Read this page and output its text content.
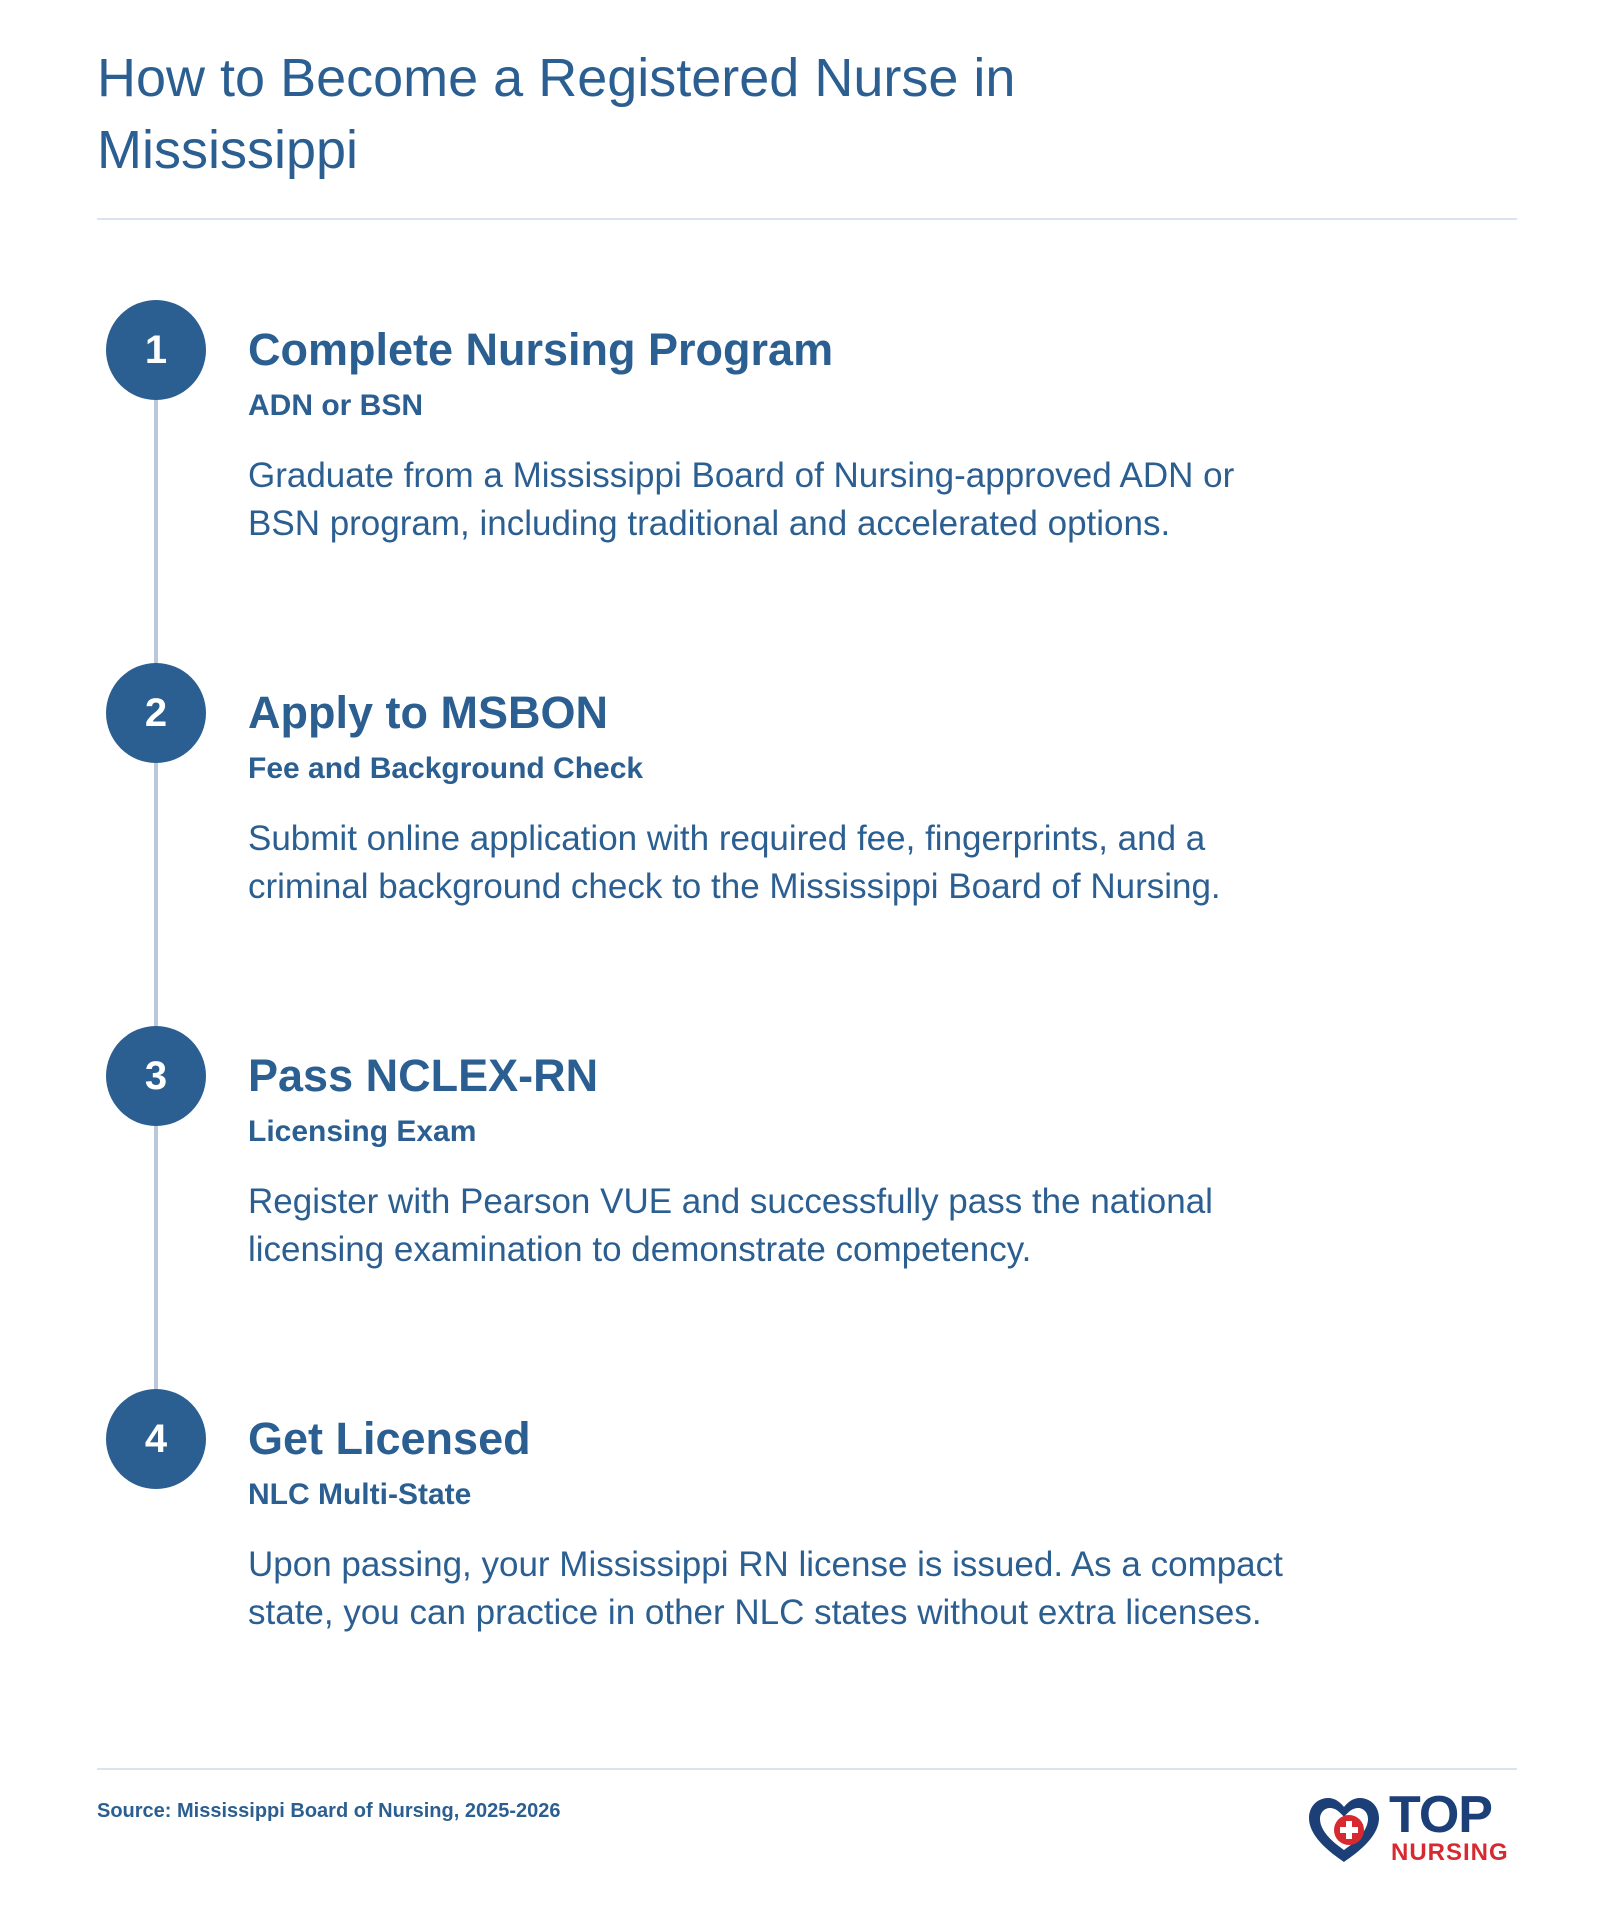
How to Become a Registered Nurse in Mississippi
1	Complete Nursing Program
ADN or BSN

Graduate from a Mississippi Board of Nursing-approved ADN or BSN program, including traditional and accelerated options.

2	Apply to MSBON
Fee and Background Check

Submit online application with required fee, fingerprints, and a criminal background check to the Mississippi Board of Nursing.

3	Pass NCLEX-RN
Licensing Exam

Register with Pearson VUE and successfully pass the national licensing examination to demonstrate competency.

4	Get Licensed
NLC Multi-State

Upon passing, your Mississippi RN license is issued. As a compact state, you can practice in other NLC states without extra licenses.

Source: Mississippi Board of Nursing, 2025-2026	TOP
NURSING
